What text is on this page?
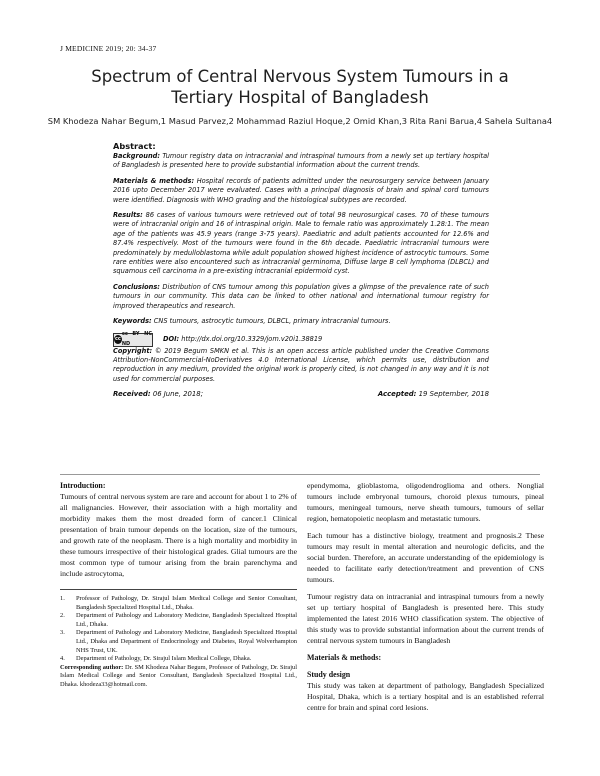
J MEDICINE 2019; 20: 34-37
Spectrum of Central Nervous System Tumours in a Tertiary Hospital of Bangladesh
SM Khodeza Nahar Begum,1 Masud Parvez,2 Mohammad Raziul Hoque,2 Omid Khan,3 Rita Rani Barua,4 Sahela Sultana4
Abstract:

Background: Tumour registry data on intracranial and intraspinal tumours from a newly set up tertiary hospital of Bangladesh is presented here to provide substantial information about the current trends.

Materials & methods: Hospital records of patients admitted under the neurosurgery service between January 2016 upto December 2017 were evaluated. Cases with a principal diagnosis of brain and spinal cord tumours were identified. Diagnosis with WHO grading and the histological subtypes are recorded.

Results: 86 cases of various tumours were retrieved out of total 98 neurosurgical cases. 70 of these tumours were of intracranial origin and 16 of intraspinal origin. Male to female ratio was approximately 1.28:1. The mean age of the patients was 45.9 years (range 3-75 years). Paediatric and adult patients accounted for 12.6% and 87.4% respectively. Most of the tumours were found in the 6th decade. Paediatric intracranial tumours were predominately by medulloblastoma while adult population showed highest incidence of astrocytic tumours. Some rare entities were also encountered such as intracranial germinoma, Diffuse large B cell lymphoma (DLBCL) and squamous cell carcinoma in a pre-existing intracranial epidermoid cyst.

Conclusions: Distribution of CNS tumour among this population gives a glimpse of the prevalence rate of such tumours in our community. This data can be linked to other national and international tumour registry for improved therapeutics and research.

Keywords: CNS tumours, astrocytic tumours, DLBCL, primary intracranial tumours.

cc
cc BY NC ND
DOI: http://dx.doi.org/10.3329/jom.v20i1.38819

Copyright: © 2019 Begum SMKN et al. This is an open access article published under the Creative Commons Attribution-NonCommercial-NoDerivatives 4.0 International License, which permits use, distribution and reproduction in any medium, provided the original work is properly cited, is not changed in any way and it is not used for commercial purposes.

Received: 06 June, 2018;	Accepted: 19 September, 2018
Introduction:

Tumours of central nervous system are rare and account for about 1 to 2% of all malignancies. However, their association with a high mortality and morbidity makes them the most dreaded form of cancer.1 Clinical presentation of brain tumour depends on the location, size of the tumours, and growth rate of the neoplasm. There is a high mortality and morbidity in these tumours irrespective of their histological grades. Glial tumours are the most common type of tumour arising from the brain parenchyma and include astrocytoma,

1.	Professor of Pathology, Dr. Sirajul Islam Medical College and Senior Consultant, Bangladesh Specialized Hospital Ltd., Dhaka.

2.	Department of Pathology and Laboratory Medicine, Bangladesh Specialized Hospital Ltd., Dhaka.

3.	Department of Pathology and Laboratory Medicine, Bangladesh Specialized Hospital Ltd., Dhaka and Department of Endocrinology and Diabetes, Royal Wolverhampton NHS Trust, UK.

4.	Department of Pathology, Dr. Sirajul Islam Medical College, Dhaka.

Corresponding author: Dr. SM Khodeza Nahar Begum, Professor of Pathology, Dr. Sirajul Islam Medical College and Senior Consultant, Bangladesh Specialized Hospital Ltd., Dhaka. khodeza33@hotmail.com.

ependymoma, glioblastoma, oligodendroglioma and others. Nonglial tumours include embryonal tumours, choroid plexus tumours, pineal tumours, meningeal tumours, nerve sheath tumours, tumours of sellar region, hematopoietic neoplasm and metastatic tumours.

Each tumour has a distinctive biology, treatment and prognosis.2 These tumours may result in mental alteration and neurologic deficits, and the social burden. Therefore, an accurate understanding of the epidemiology is needed to facilitate early detection/treatment and prevention of CNS tumours.

Tumour registry data on intracranial and intraspinal tumours from a newly set up tertiary hospital of Bangladesh is presented here. This study implemented the latest 2016 WHO classification system. The objective of this study was to provide substantial information about the current trends of central nervous system tumours in Bangladesh

Materials & methods:
Study design

This study was taken at department of pathology, Bangladesh Specialized Hospital, Dhaka, which is a tertiary hospital and is an established referral centre for brain and spinal cord lesions.
